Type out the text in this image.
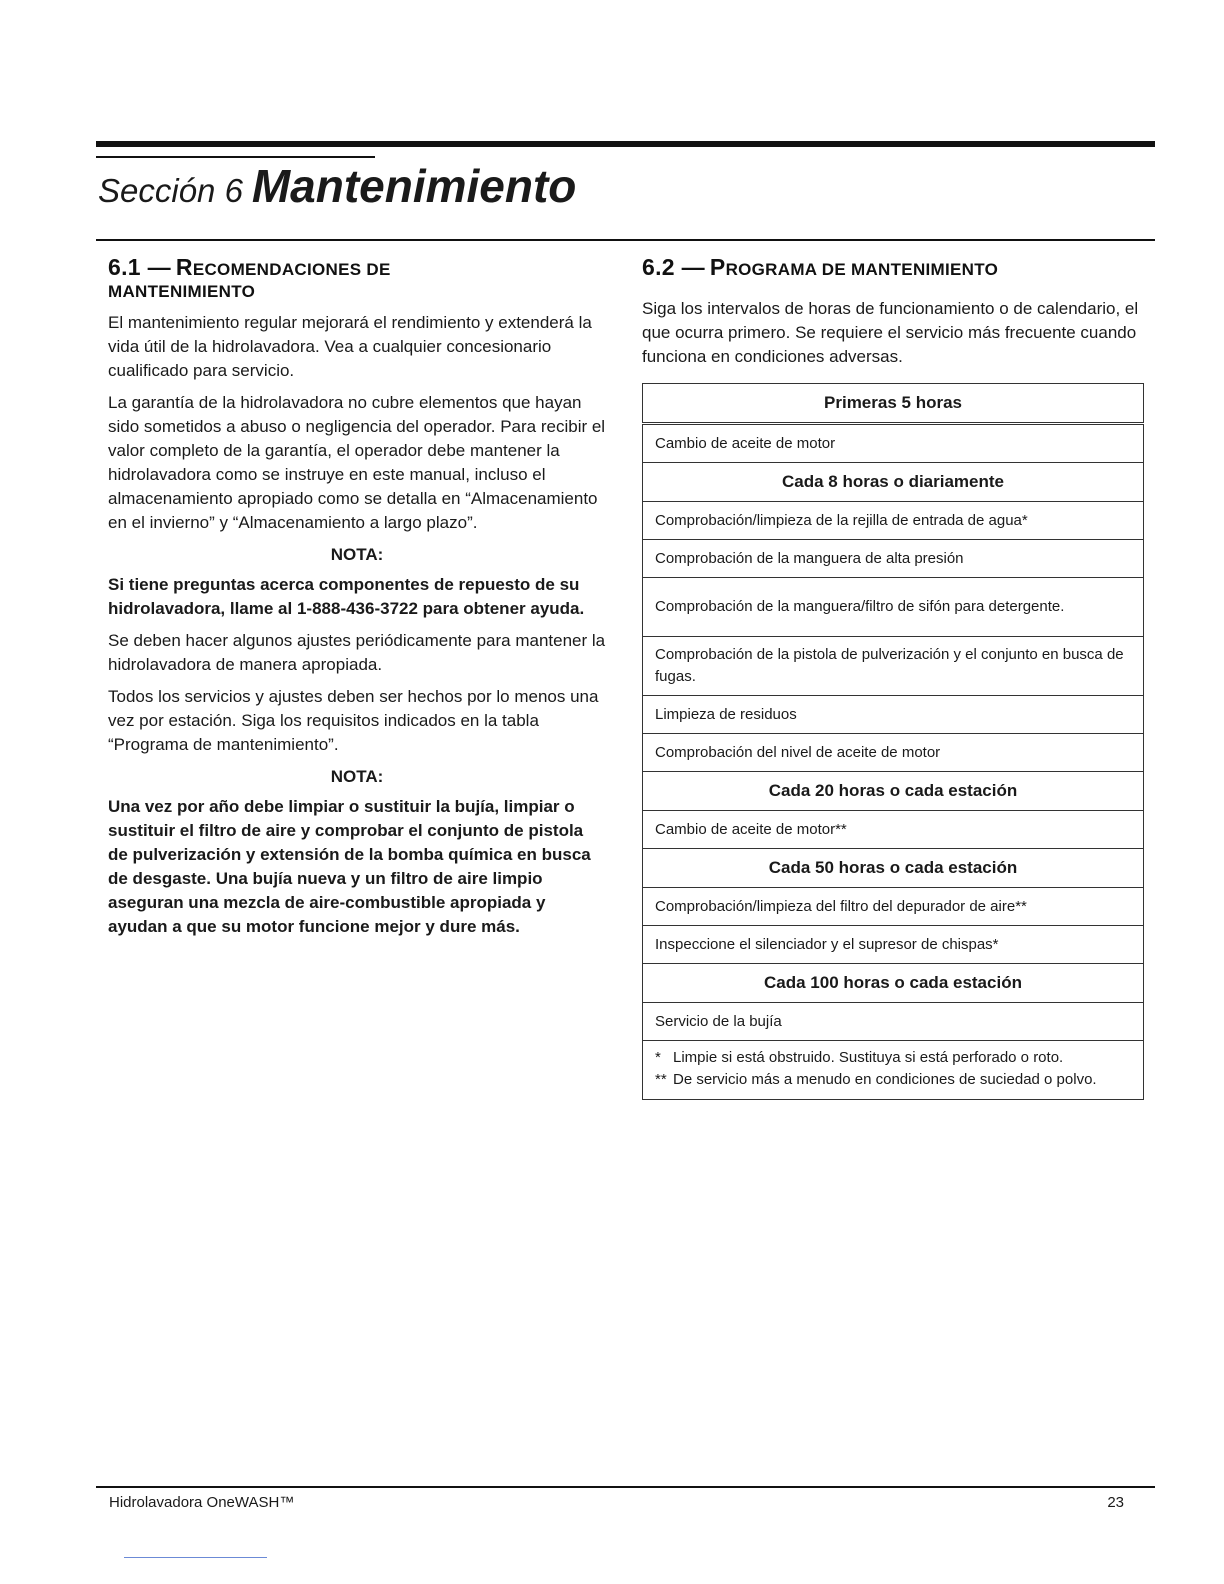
Sección 6 Mantenimiento
6.1 — RECOMENDACIONES DE
MANTENIMIENTO

El mantenimiento regular mejorará el rendimiento y extenderá la vida útil de la hidrolavadora. Vea a cualquier concesionario cualificado para servicio.

La garantía de la hidrolavadora no cubre elementos que hayan sido sometidos a abuso o negligencia del operador. Para recibir el valor completo de la garantía, el operador debe mantener la hidrolavadora como se instruye en este manual, incluso el almacenamiento apropiado como se detalla en “Almacenamiento en el invierno” y “Almacenamiento a largo plazo”.

NOTA:
Si tiene preguntas acerca componentes de repuesto de su hidrolavadora, llame al 1-888-436-3722 para obtener ayuda.

Se deben hacer algunos ajustes periódicamente para mantener la hidrolavadora de manera apropiada.

Todos los servicios y ajustes deben ser hechos por lo menos una vez por estación. Siga los requisitos indicados en la tabla “Programa de mantenimiento”.

NOTA:
Una vez por año debe limpiar o sustituir la bujía, limpiar o sustituir el filtro de aire y comprobar el conjunto de pistola de pulverización y extensión de la bomba química en busca de desgaste. Una bujía nueva y un filtro de aire limpio aseguran una mezcla de aire-combustible apropiada y ayudan a que su motor funcione mejor y dure más.
6.2 — PROGRAMA DE MANTENIMIENTO

Siga los intervalos de horas de funcionamiento o de calendario, el que ocurra primero. Se requiere el servicio más frecuente cuando funciona en condiciones adversas.

Primeras 5 horas
Cambio de aceite de motor
Cada 8 horas o diariamente
Comprobación/limpieza de la rejilla de entrada de agua*
Comprobación de la manguera de alta presión
Comprobación de la manguera/filtro de sifón para detergente.
Comprobación de la pistola de pulverización y el conjunto en busca de fugas.
Limpieza de residuos
Comprobación del nivel de aceite de motor
Cada 20 horas o cada estación
Cambio de aceite de motor**
Cada 50 horas o cada estación
Comprobación/limpieza del filtro del depurador de aire**
Inspeccione el silenciador y el supresor de chispas*
Cada 100 horas o cada estación
Servicio de la bujía

* Limpie si está obstruido. Sustituya si está perforado o roto.
** De servicio más a menudo en condiciones de suciedad o polvo.
Hidrolavadora OneWASH™	23
